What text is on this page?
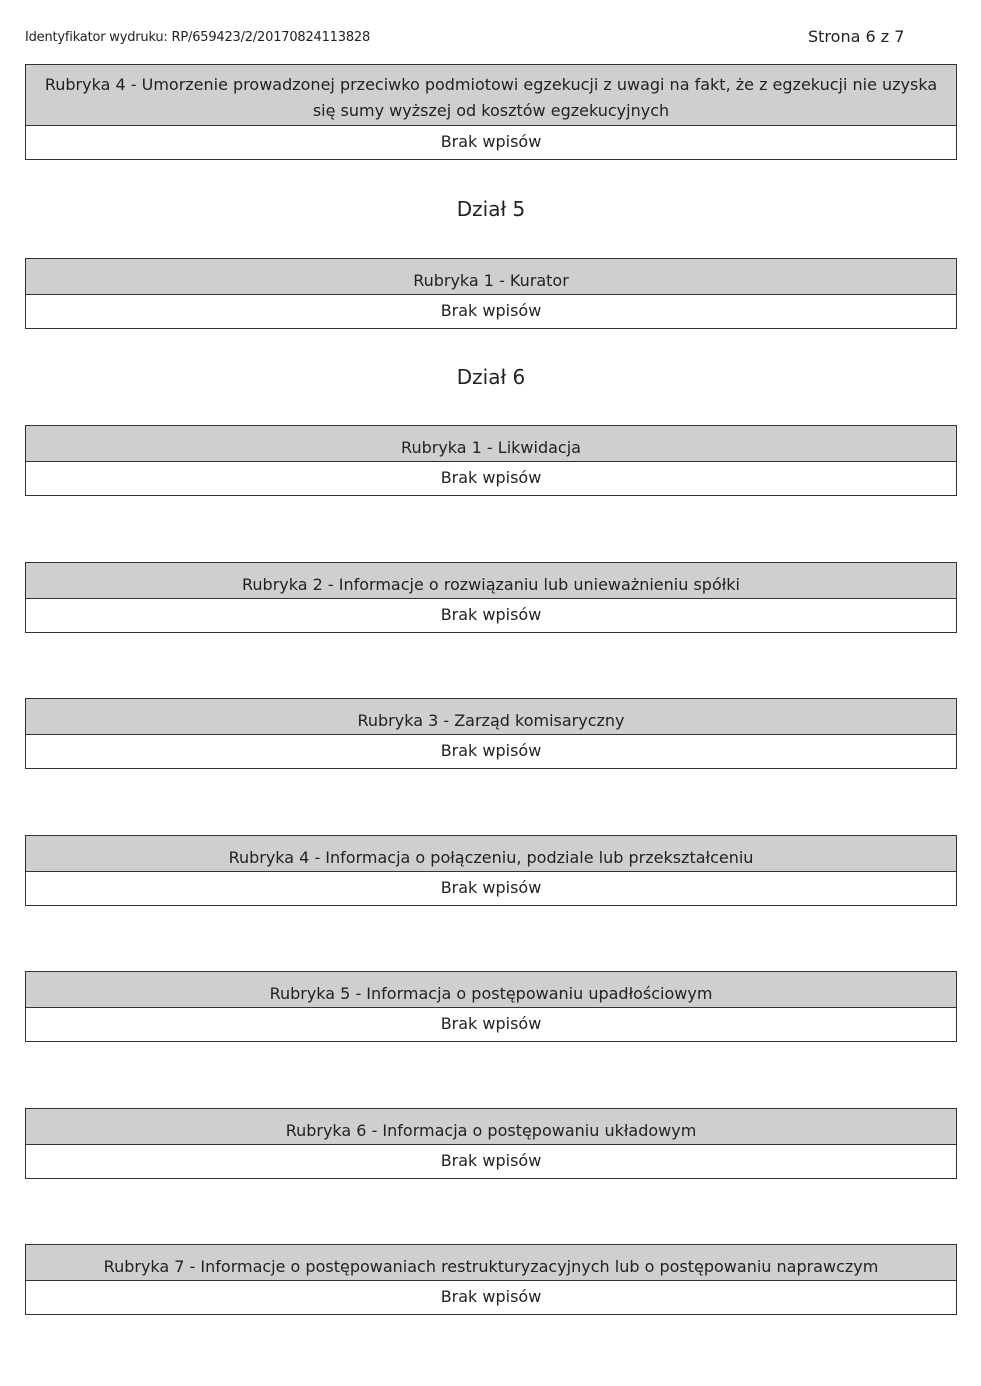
Identyfikator wydruku: RP/659423/2/20170824113828	Strona 6 z 7
Rubryka 4 - Umorzenie prowadzonej przeciwko podmiotowi egzekucji z uwagi na fakt, że z egzekucji nie uzyska się sumy wyższej od kosztów egzekucyjnych
Brak wpisów
Dział 5
Rubryka 1 - Kurator
Brak wpisów
Dział 6
Rubryka 1 - Likwidacja
Brak wpisów
Rubryka 2 - Informacje o rozwiązaniu lub unieważnieniu spółki
Brak wpisów
Rubryka 3 - Zarząd komisaryczny
Brak wpisów
Rubryka 4 - Informacja o połączeniu, podziale lub przekształceniu
Brak wpisów
Rubryka 5 - Informacja o postępowaniu upadłościowym
Brak wpisów
Rubryka 6 - Informacja o postępowaniu układowym
Brak wpisów
Rubryka 7 - Informacje o postępowaniach restrukturyzacyjnych lub o postępowaniu naprawczym
Brak wpisów
